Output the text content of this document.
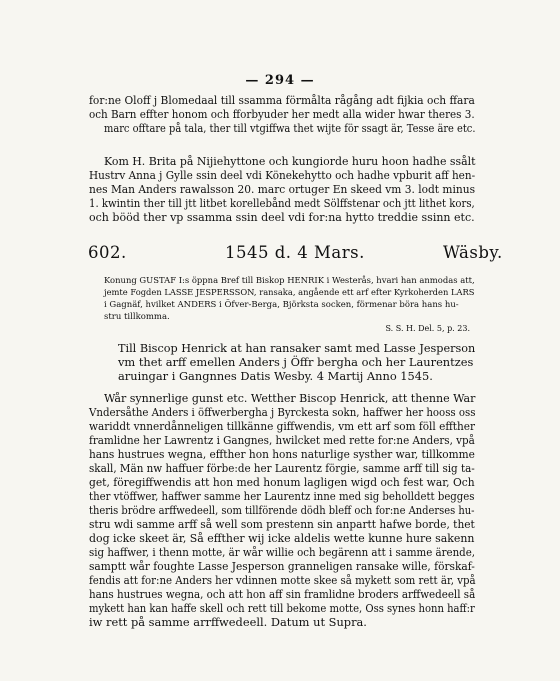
— 294 —
for:ne Oloff j Blomedaal till ssamma förmålta rågång adt fijkia och ffara
och Barn effter honom och fforbyuder her medt alla wider hwar theres 3.
marc offtare på tala, ther till vtgiffwa thet wijte för ssagt är, Tesse äre etc.
Kom H. Brita på Nijiehyttone och kungiorde huru hoon hadhe ssålt
Hustrv Anna j Gylle ssin deel vdi Könekehytto och hadhe vpburit aff hen-
nes Man Anders rawalsson 20. marc ortuger En skeed vm 3. lodt minus
1. kwintin ther till jtt litbet korellebånd medt Sölffstenar och jtt lithet kors,
och bööd ther vp ssamma ssin deel vdi for:na hytto treddie ssinn etc.
602.	1545 d. 4 Mars.	Wäsby.
Konung GUSTAF I:s öppna Bref till Biskop HENRIK i Westerås, hvari han anmodas att,
jemte Fogden LASSE JESPERSSON, ransaka, angående ett arf efter Kyrkoherden LARS
i Gagnäf, hvilket ANDERS i Öfver-Berga, Björksta socken, förmenar böra hans hu-
stru tillkomma.
S. S. H. Del. 5, p. 23.
Till Biscop Henrick at han ransaker samt med Lasse Jesperson
vm thet arff emellen Anders j Öffr bergha och her Laurentzes
aruingar i Gangnnes Datis Wesby. 4 Martij Anno 1545.
Wår synnerlige gunst etc. Wetther Biscop Henrick, att thenne War
Vndersåthe Anders i öffwerbergha j Byrckesta sokn, haffwer her hooss oss
wariddt vnnerdånneligen tillkänne giffwendis, vm ett arf som föll effther
framlidne her Lawrentz i Gangnes, hwilcket med rette for:ne Anders, vpå
hans hustrues wegna, effther hon hons naturlige systher war, tillkomme
skall, Män nw haffuer förbe:de her Laurentz förgie, samme arff till sig ta-
get, föregiffwendis att hon med honum lagligen wigd och fest war, Och
ther vtöffwer, haffwer samme her Laurentz inne med sig beholldett begges
theris brödre arffwedeell, som tillförende dödh bleff och for:ne Anderses hu-
stru wdi samme arff så well som prestenn sin anpartt hafwe borde, thet
dog icke skeet är, Så effther wij icke aldelis wette kunne hure sakenn
sig haffwer, i thenn motte, är wår willie och begärenn att i samme ärende,
samptt wår foughte Lasse Jesperson granneligen ransake wille, förskaf-
fendis att for:ne Anders her vdinnen motte skee så mykett som rett är, vpå
hans hustrues wegna, och att hon aff sin framlidne broders arffwedeell så
mykett han kan haffe skell och rett till bekome motte, Oss synes honn haff:r
iw rett på samme arrffwedeell. Datum ut Supra.
